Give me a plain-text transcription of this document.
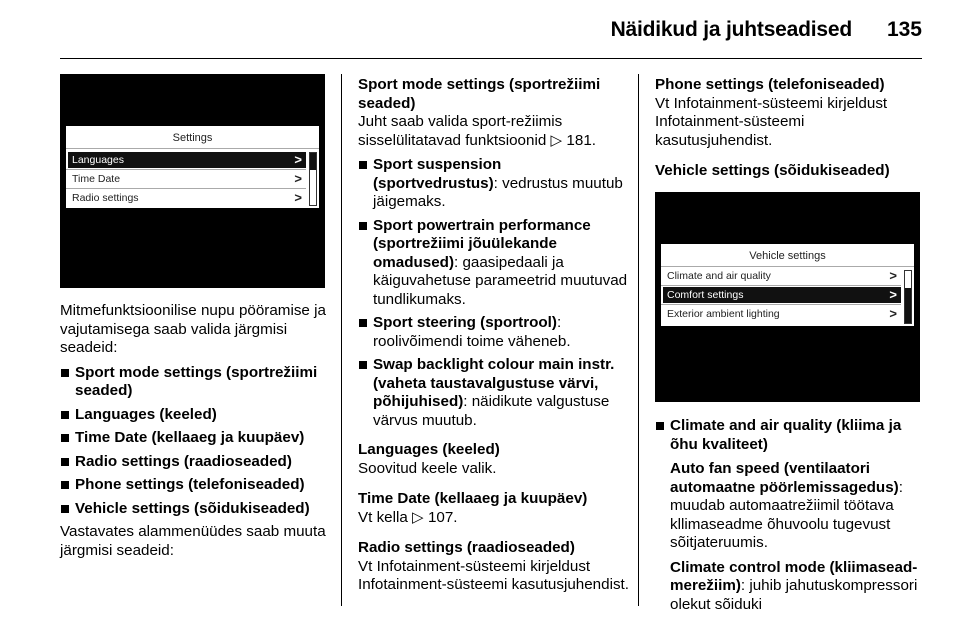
Näidikud ja juhtseadised 135
Settings
Languages	>
Time Date	>
Radio settings	>
Vehicle settings
Climate and air quality	>
Comfort settings	>
Exterior ambient lighting	>

Mitmefunktsioonilise nupu pööramise ja vajutamisega saab valida järgmisi seadeid:

Sport mode settings (sportrežiimi seaded)
Languages (keeled)
Time Date (kellaaeg ja kuupäev)
Radio settings (raadioseaded)
Phone settings (telefoniseaded)
Vehicle settings (sõidukiseaded)

Vastavates alammenüüdes saab muuta järgmisi seadeid:

Sport mode settings (sportrežiimi seaded)

Juht saab valida sport-režiimis sisselülitatavad funktsioonid ▷ 181.

Sport suspension (sportvedrustus): vedrustus muutub jäigemaks.
Sport powertrain performance (sportrežiimi jõuülekande omadused): gaasipedaali ja käiguvahetuse parameetrid muutuvad tundlikumaks.
Sport steering (sportrool): roolivõimendi toime väheneb.
Swap backlight colour main instr. (vaheta taustavalgustuse värvi, põhijuhised): näidikute valgustuse värvus muutub.

Languages (keeled)

Soovitud keele valik.

Time Date (kellaaeg ja kuupäev)

Vt kella ▷ 107.

Radio settings (raadioseaded)

Vt Infotainment-süsteemi kirjeldust Infotainment-süsteemi kasutusjuhendist.

Phone settings (telefoniseaded)

Vt Infotainment-süsteemi kirjeldust Infotainment-süsteemi kasutusjuhendist.

Vehicle settings (sõidukiseaded)

Climate and air quality (kliima ja õhu kvaliteet)
Auto fan speed (ventilaatori automaatne pöörlemissagedus): muudab automaatrežiimil töötava kllimaseadme õhuvoolu tugevust sõitjateruumis.
Climate control mode (kliimasead-merežiim): juhib jahutuskompressori olekut sõiduki
